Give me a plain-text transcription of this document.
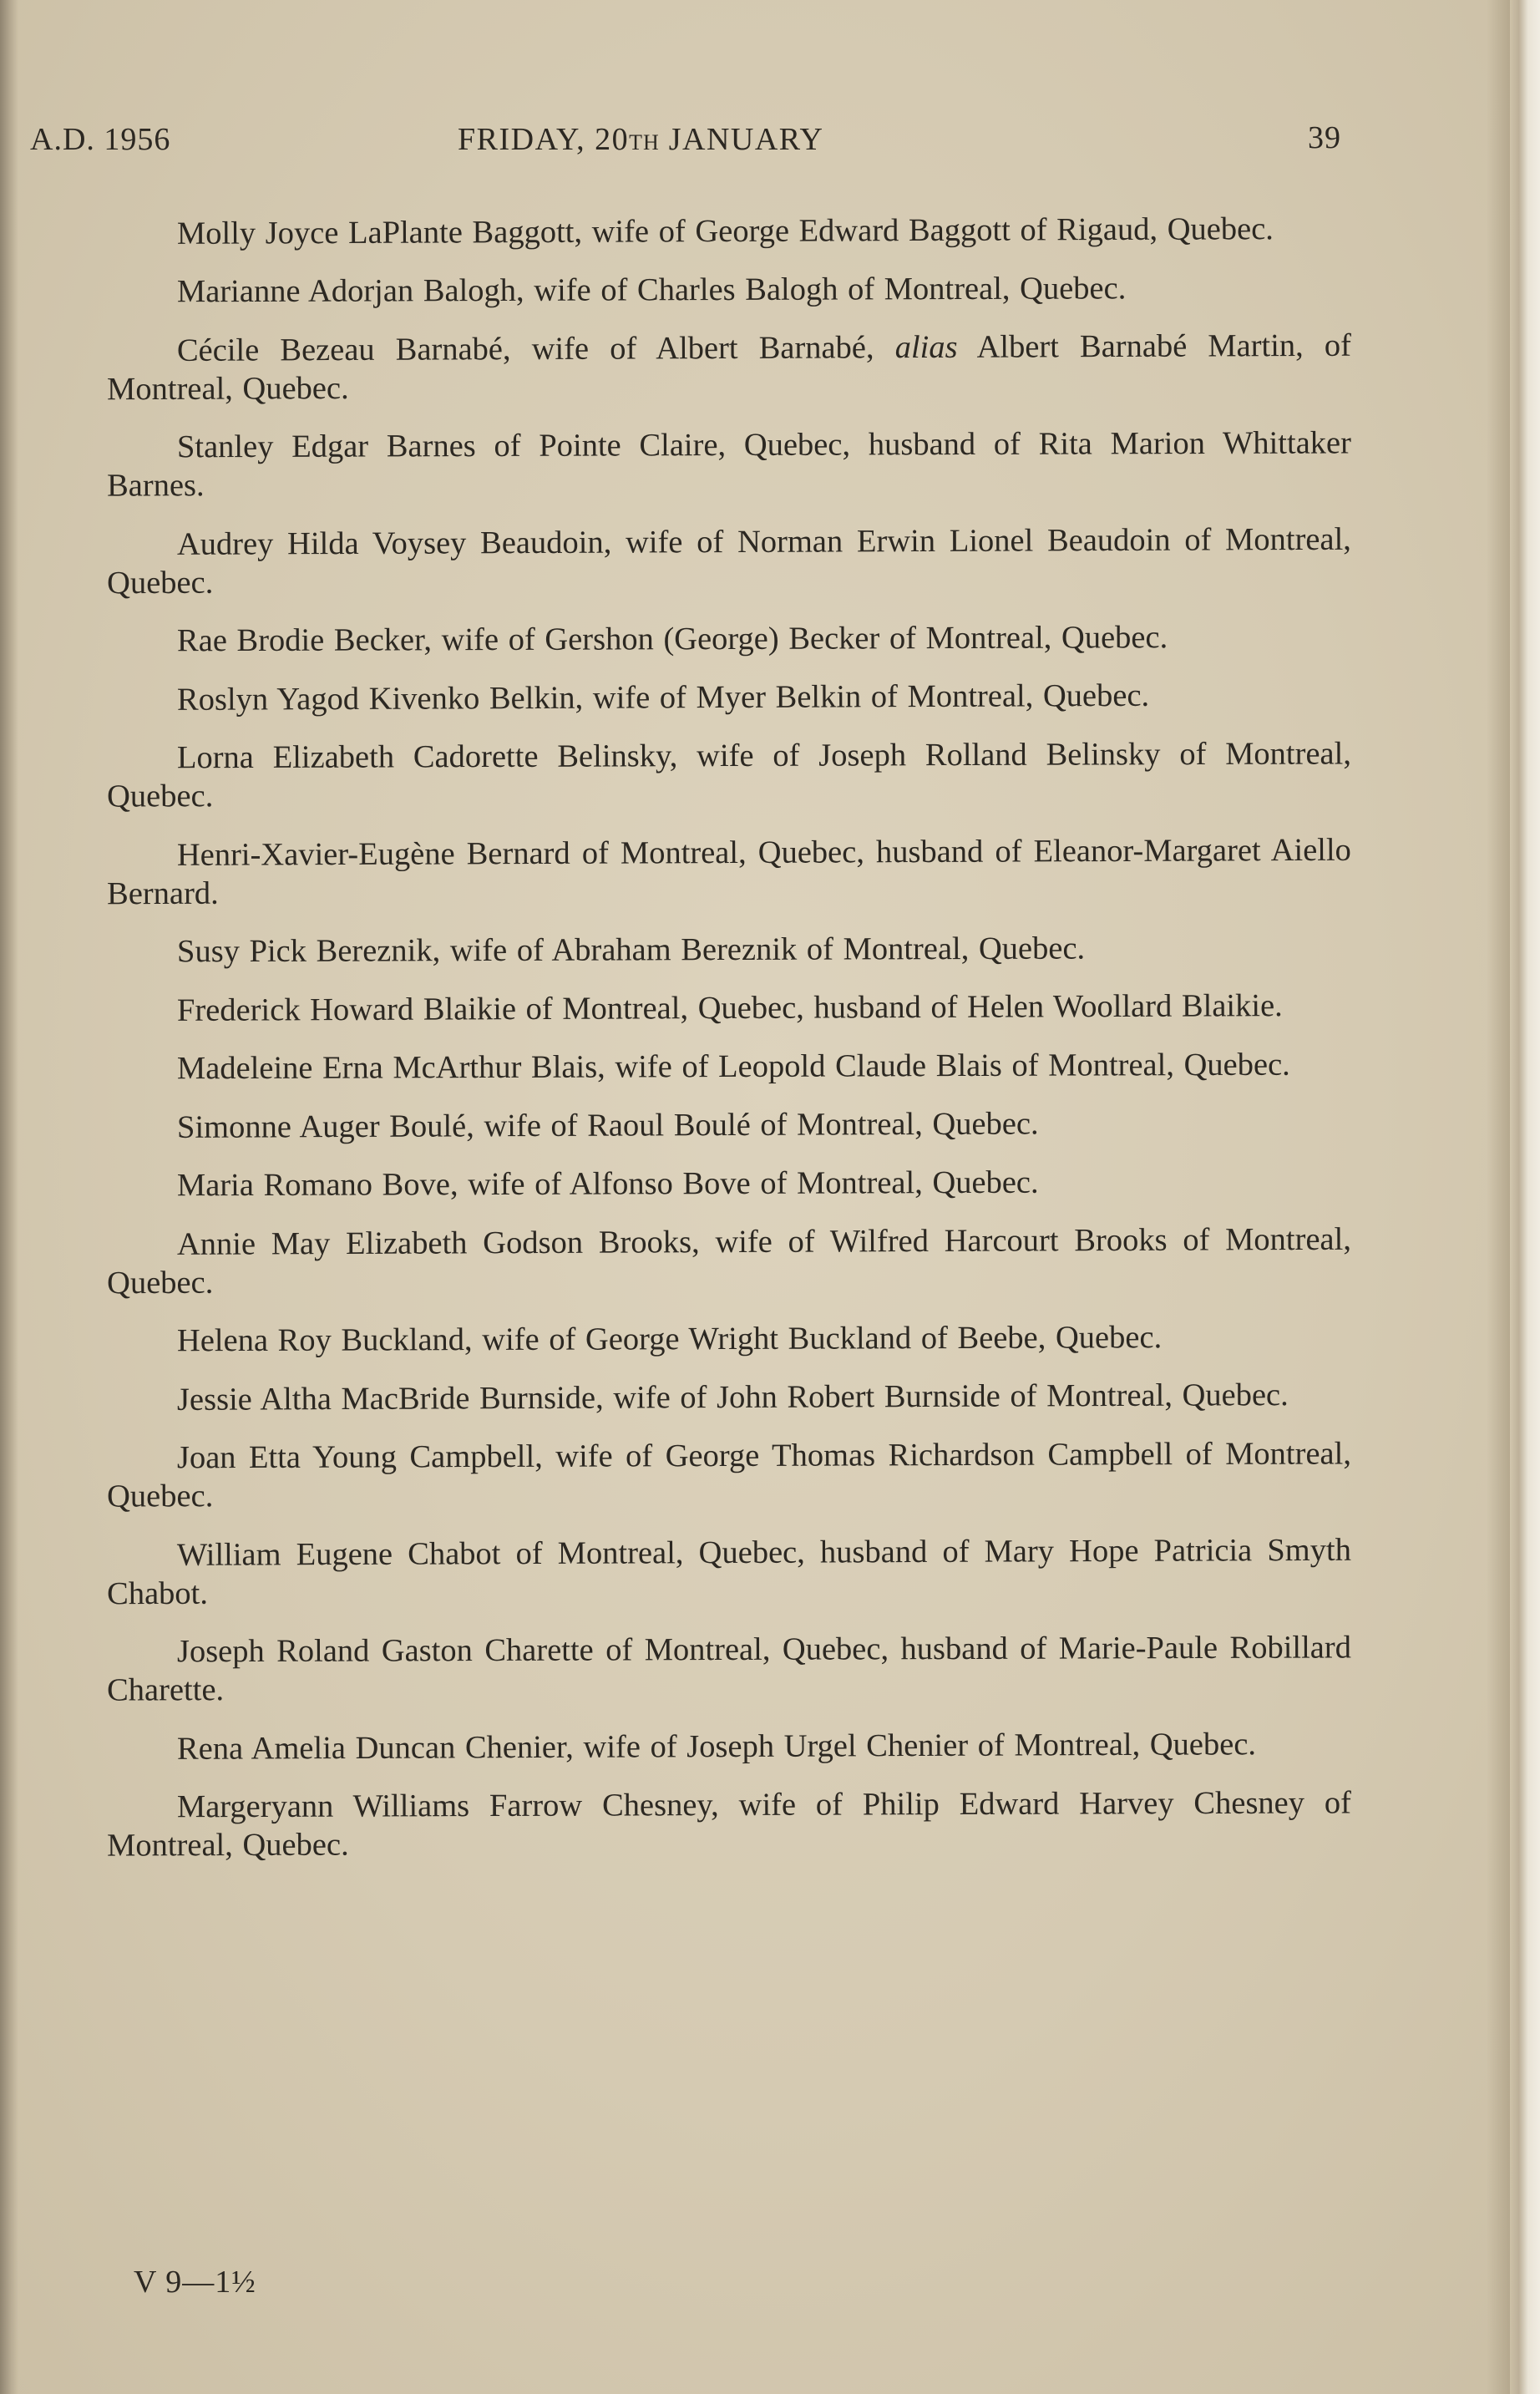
A.D. 1956	FRIDAY, 20TH JANUARY	39

Molly Joyce LaPlante Baggott, wife of George Edward Baggott of Rigaud, Quebec.

Marianne Adorjan Balogh, wife of Charles Balogh of Montreal, Quebec.

Cécile Bezeau Barnabé, wife of Albert Barnabé, alias Albert Barnabé Martin, of Montreal, Quebec.

Stanley Edgar Barnes of Pointe Claire, Quebec, husband of Rita Marion Whittaker Barnes.

Audrey Hilda Voysey Beaudoin, wife of Norman Erwin Lionel Beaudoin of Montreal, Quebec.

Rae Brodie Becker, wife of Gershon (George) Becker of Montreal, Quebec.

Roslyn Yagod Kivenko Belkin, wife of Myer Belkin of Montreal, Quebec.

Lorna Elizabeth Cadorette Belinsky, wife of Joseph Rolland Belinsky of Montreal, Quebec.

Henri-Xavier-Eugène Bernard of Montreal, Quebec, husband of Eleanor-Margaret Aiello Bernard.

Susy Pick Bereznik, wife of Abraham Bereznik of Montreal, Quebec.

Frederick Howard Blaikie of Montreal, Quebec, husband of Helen Woollard Blaikie.

Madeleine Erna McArthur Blais, wife of Leopold Claude Blais of Montreal, Quebec.

Simonne Auger Boulé, wife of Raoul Boulé of Montreal, Quebec.

Maria Romano Bove, wife of Alfonso Bove of Montreal, Quebec.

Annie May Elizabeth Godson Brooks, wife of Wilfred Harcourt Brooks of Montreal, Quebec.

Helena Roy Buckland, wife of George Wright Buckland of Beebe, Quebec.

Jessie Altha MacBride Burnside, wife of John Robert Burnside of Montreal, Quebec.

Joan Etta Young Campbell, wife of George Thomas Richardson Campbell of Montreal, Quebec.

William Eugene Chabot of Montreal, Quebec, husband of Mary Hope Patricia Smyth Chabot.

Joseph Roland Gaston Charette of Montreal, Quebec, husband of Marie-Paule Robillard Charette.

Rena Amelia Duncan Chenier, wife of Joseph Urgel Chenier of Montreal, Quebec.

Margeryann Williams Farrow Chesney, wife of Philip Edward Harvey Chesney of Montreal, Quebec.

V 9—1½
